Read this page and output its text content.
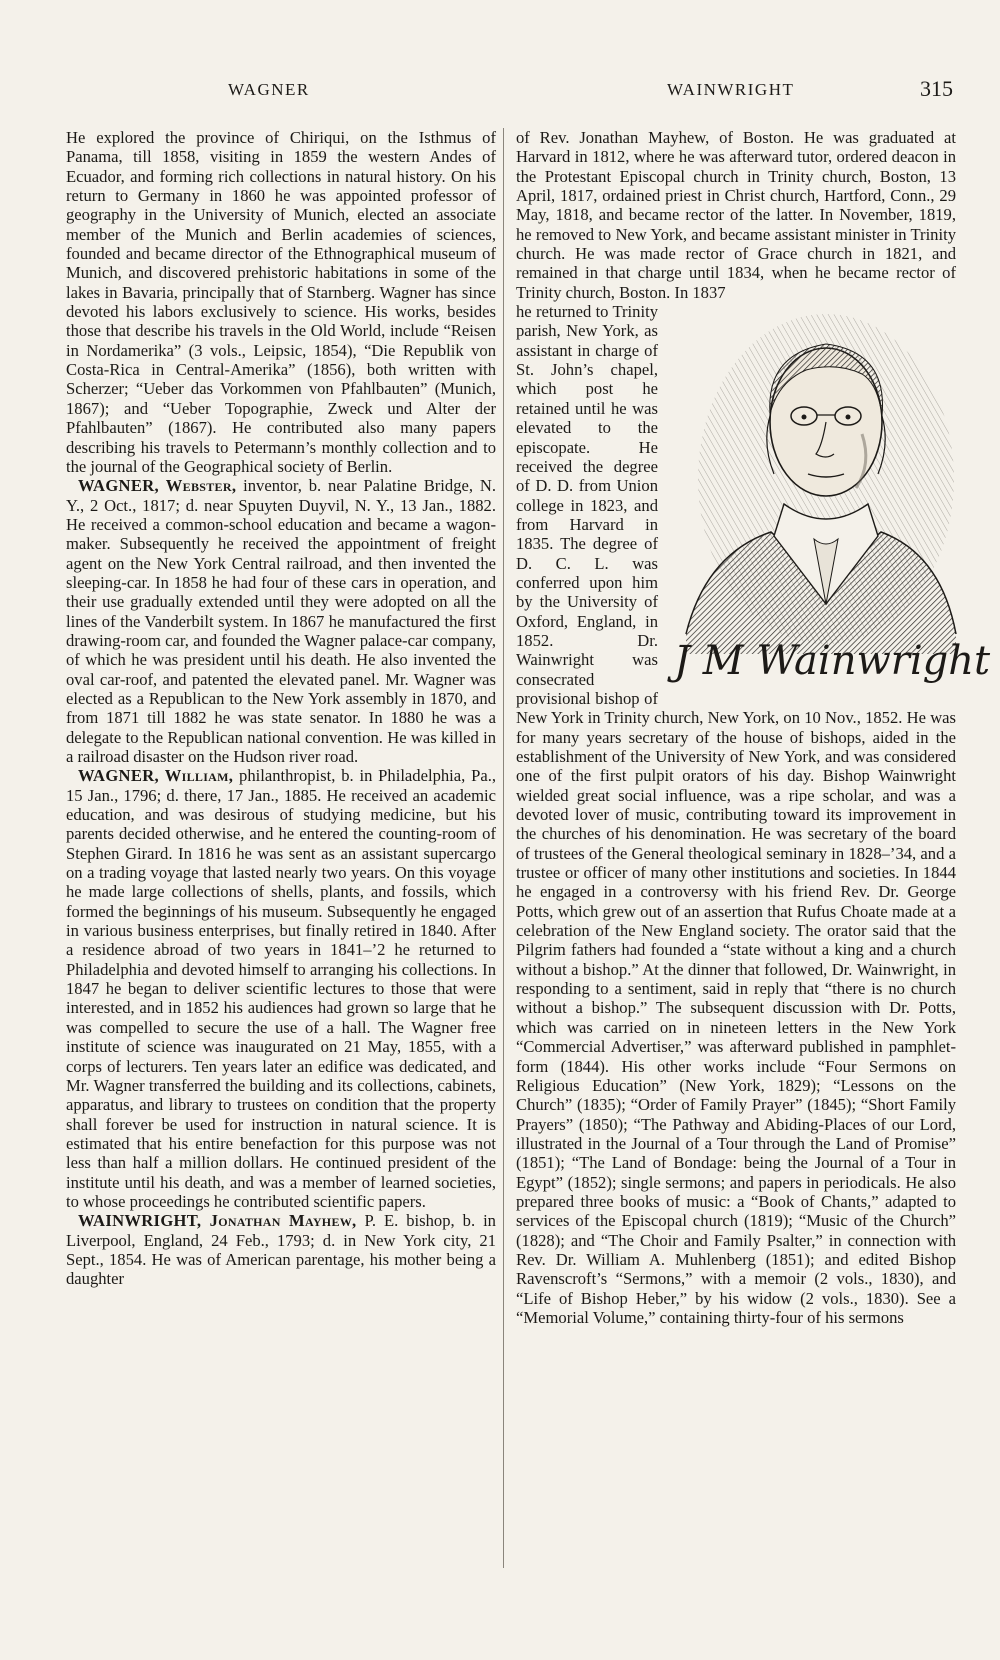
WAGNER	WAINWRIGHT	315

He explored the province of Chiriqui, on the Isthmus of Panama, till 1858, visiting in 1859 the western Andes of Ecuador, and forming rich collections in natural history. On his return to Germany in 1860 he was appointed professor of geography in the University of Munich, elected an associate member of the Munich and Berlin academies of sciences, founded and became director of the Ethnographical museum of Munich, and discovered prehistoric habitations in some of the lakes in Bavaria, principally that of Starnberg. Wagner has since devoted his labors exclusively to science. His works, besides those that describe his travels in the Old World, include “Reisen in Nordamerika” (3 vols., Leipsic, 1854), “Die Republik von Costa-Rica in Central-Amerika” (1856), both written with Scherzer; “Ueber das Vorkommen von Pfahlbauten” (Munich, 1867); and “Ueber Topographie, Zweck und Alter der Pfahlbauten” (1867). He contributed also many papers describing his travels to Petermann’s monthly collection and to the journal of the Geographical society of Berlin.

WAGNER, Webster, inventor, b. near Palatine Bridge, N. Y., 2 Oct., 1817; d. near Spuyten Duyvil, N. Y., 13 Jan., 1882. He received a common-school education and became a wagon-maker. Subsequently he received the appointment of freight agent on the New York Central railroad, and then invented the sleeping-car. In 1858 he had four of these cars in operation, and their use gradually extended until they were adopted on all the lines of the Vanderbilt system. In 1867 he manufactured the first drawing-room car, and founded the Wagner palace-car company, of which he was president until his death. He also invented the oval car-roof, and patented the elevated panel. Mr. Wagner was elected as a Republican to the New York assembly in 1870, and from 1871 till 1882 he was state senator. In 1880 he was a delegate to the Republican national convention. He was killed in a railroad disaster on the Hudson river road.

WAGNER, William, philanthropist, b. in Philadelphia, Pa., 15 Jan., 1796; d. there, 17 Jan., 1885. He received an academic education, and was desirous of studying medicine, but his parents decided otherwise, and he entered the counting-room of Stephen Girard. In 1816 he was sent as an assistant supercargo on a trading voyage that lasted nearly two years. On this voyage he made large collections of shells, plants, and fossils, which formed the beginnings of his museum. Subsequently he engaged in various business enterprises, but finally retired in 1840. After a residence abroad of two years in 1841–’2 he returned to Philadelphia and devoted himself to arranging his collections. In 1847 he began to deliver scientific lectures to those that were interested, and in 1852 his audiences had grown so large that he was compelled to secure the use of a hall. The Wagner free institute of science was inaugurated on 21 May, 1855, with a corps of lecturers. Ten years later an edifice was dedicated, and Mr. Wagner transferred the building and its collections, cabinets, apparatus, and library to trustees on condition that the property shall forever be used for instruction in natural science. It is estimated that his entire benefaction for this purpose was not less than half a million dollars. He continued president of the institute until his death, and was a member of learned societies, to whose proceedings he contributed scientific papers.

WAINWRIGHT, Jonathan Mayhew, P. E. bishop, b. in Liverpool, England, 24 Feb., 1793; d. in New York city, 21 Sept., 1854. He was of American parentage, his mother being a daughter

of Rev. Jonathan Mayhew, of Boston. He was graduated at Harvard in 1812, where he was afterward tutor, ordered deacon in the Protestant Episcopal church in Trinity church, Boston, 13 April, 1817, ordained priest in Christ church, Hartford, Conn., 29 May, 1818, and became rector of the latter. In November, 1819, he removed to New York, and became assistant minister in Trinity church. He was made rector of Grace church in 1821, and remained in that charge until 1834, when he became rector of Trinity church, Boston. In 1837

J M Wainwright

he returned to Trinity parish, New York, as assistant in charge of St. John’s chapel, which post he retained until he was elevated to the episcopate. He received the degree of D. D. from Union college in 1823, and from Harvard in 1835. The degree of D. C. L. was conferred upon him by the University of Oxford, England, in 1852. Dr. Wainwright was consecrated provisional bishop of New York in Trinity church, New York, on 10 Nov., 1852. He was for many years secretary of the house of bishops, aided in the establishment of the University of New York, and was considered one of the first pulpit orators of his day. Bishop Wainwright wielded great social influence, was a ripe scholar, and was a devoted lover of music, contributing toward its improvement in the churches of his denomination. He was secretary of the board of trustees of the General theological seminary in 1828–’34, and a trustee or officer of many other institutions and societies. In 1844 he engaged in a controversy with his friend Rev. Dr. George Potts, which grew out of an assertion that Rufus Choate made at a celebration of the New England society. The orator said that the Pilgrim fathers had founded a “state without a king and a church without a bishop.” At the dinner that followed, Dr. Wainwright, in responding to a sentiment, said in reply that “there is no church without a bishop.” The subsequent discussion with Dr. Potts, which was carried on in nineteen letters in the New York “Commercial Advertiser,” was afterward published in pamphlet-form (1844). His other works include “Four Sermons on Religious Education” (New York, 1829); “Lessons on the Church” (1835); “Order of Family Prayer” (1845); “Short Family Prayers” (1850); “The Pathway and Abiding-Places of our Lord, illustrated in the Journal of a Tour through the Land of Promise” (1851); “The Land of Bondage: being the Journal of a Tour in Egypt” (1852); single sermons; and papers in periodicals. He also prepared three books of music: a “Book of Chants,” adapted to services of the Episcopal church (1819); “Music of the Church” (1828); and “The Choir and Family Psalter,” in connection with Rev. Dr. William A. Muhlenberg (1851); and edited Bishop Ravenscroft’s “Sermons,” with a memoir (2 vols., 1830), and “Life of Bishop Heber,” by his widow (2 vols., 1830). See a “Memorial Volume,” containing thirty-four of his sermons
